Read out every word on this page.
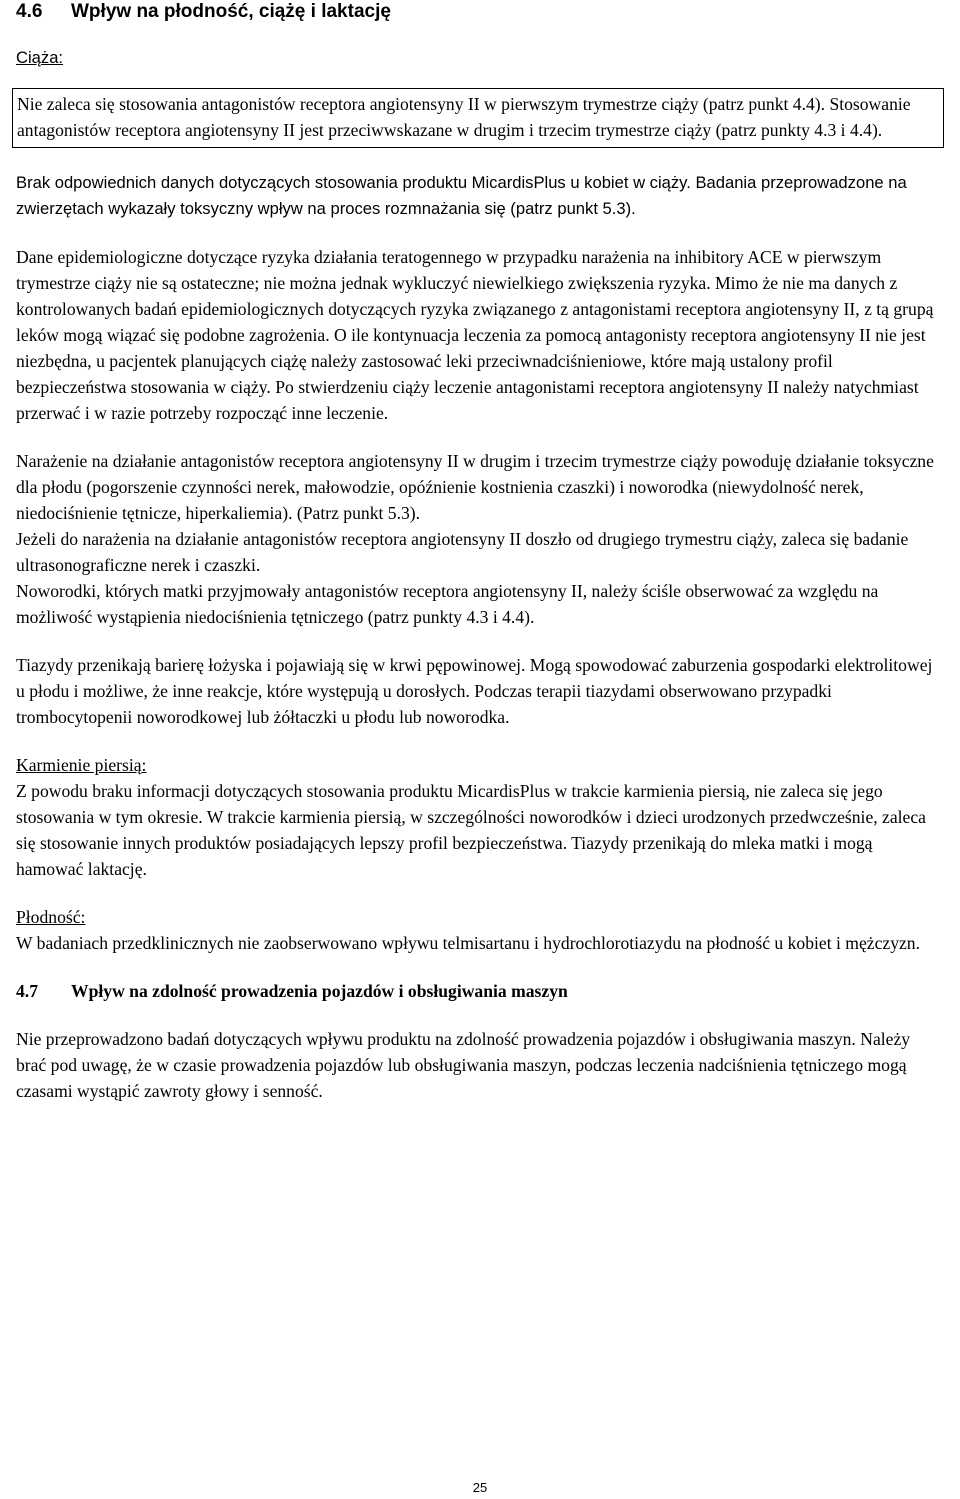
4.6 Wpływ na płodność, ciążę i laktację

Ciąża:

Nie zaleca się stosowania antagonistów receptora angiotensyny II w pierwszym trymestrze ciąży (patrz punkt 4.4). Stosowanie antagonistów receptora angiotensyny II jest przeciwwskazane w drugim i trzecim trymestrze ciąży (patrz punkty 4.3 i 4.4).

Brak odpowiednich danych dotyczących stosowania produktu MicardisPlus u kobiet w ciąży. Badania przeprowadzone na zwierzętach wykazały toksyczny wpływ na proces rozmnażania się (patrz punkt 5.3).

Dane epidemiologiczne dotyczące ryzyka działania teratogennego w przypadku narażenia na inhibitory ACE w pierwszym trymestrze ciąży nie są ostateczne; nie można jednak wykluczyć niewielkiego zwiększenia ryzyka. Mimo że nie ma danych z kontrolowanych badań epidemiologicznych dotyczących ryzyka związanego z antagonistami receptora angiotensyny II, z tą grupą leków mogą wiązać się podobne zagrożenia. O ile kontynuacja leczenia za pomocą antagonisty receptora angiotensyny II nie jest niezbędna, u pacjentek planujących ciążę należy zastosować leki przeciwnadciśnieniowe, które mają ustalony profil bezpieczeństwa stosowania w ciąży. Po stwierdzeniu ciąży leczenie antagonistami receptora angiotensyny II należy natychmiast przerwać i w razie potrzeby rozpocząć inne leczenie.

Narażenie na działanie antagonistów receptora angiotensyny II w drugim i trzecim trymestrze ciąży powoduję działanie toksyczne dla płodu (pogorszenie czynności nerek, małowodzie, opóźnienie kostnienia czaszki) i noworodka (niewydolność nerek, niedociśnienie tętnicze, hiperkaliemia). (Patrz punkt 5.3).

Jeżeli do narażenia na działanie antagonistów receptora angiotensyny II doszło od drugiego trymestru ciąży, zaleca się badanie ultrasonograficzne nerek i czaszki.

Noworodki, których matki przyjmowały antagonistów receptora angiotensyny II, należy ściśle obserwować za względu na możliwość wystąpienia niedociśnienia tętniczego (patrz punkty 4.3 i 4.4).

Tiazydy przenikają barierę łożyska i pojawiają się w krwi pępowinowej. Mogą spowodować zaburzenia gospodarki elektrolitowej u płodu i możliwe, że inne reakcje, które występują u dorosłych. Podczas terapii tiazydami obserwowano przypadki trombocytopenii noworodkowej lub żółtaczki u płodu lub noworodka.

Karmienie piersią:

Z powodu braku informacji dotyczących stosowania produktu MicardisPlus w trakcie karmienia piersią, nie zaleca się jego stosowania w tym okresie. W trakcie karmienia piersią, w szczególności noworodków i dzieci urodzonych przedwcześnie, zaleca się stosowanie innych produktów posiadających lepszy profil bezpieczeństwa. Tiazydy przenikają do mleka matki i mogą hamować laktację.

Płodność:

W badaniach przedklinicznych nie zaobserwowano wpływu telmisartanu i hydrochlorotiazydu na płodność u kobiet i mężczyzn.

4.7 Wpływ na zdolność prowadzenia pojazdów i obsługiwania maszyn

Nie przeprowadzono badań dotyczących wpływu produktu na zdolność prowadzenia pojazdów i obsługiwania maszyn. Należy brać pod uwagę, że w czasie prowadzenia pojazdów lub obsługiwania maszyn, podczas leczenia nadciśnienia tętniczego mogą czasami wystąpić zawroty głowy i senność.

25
